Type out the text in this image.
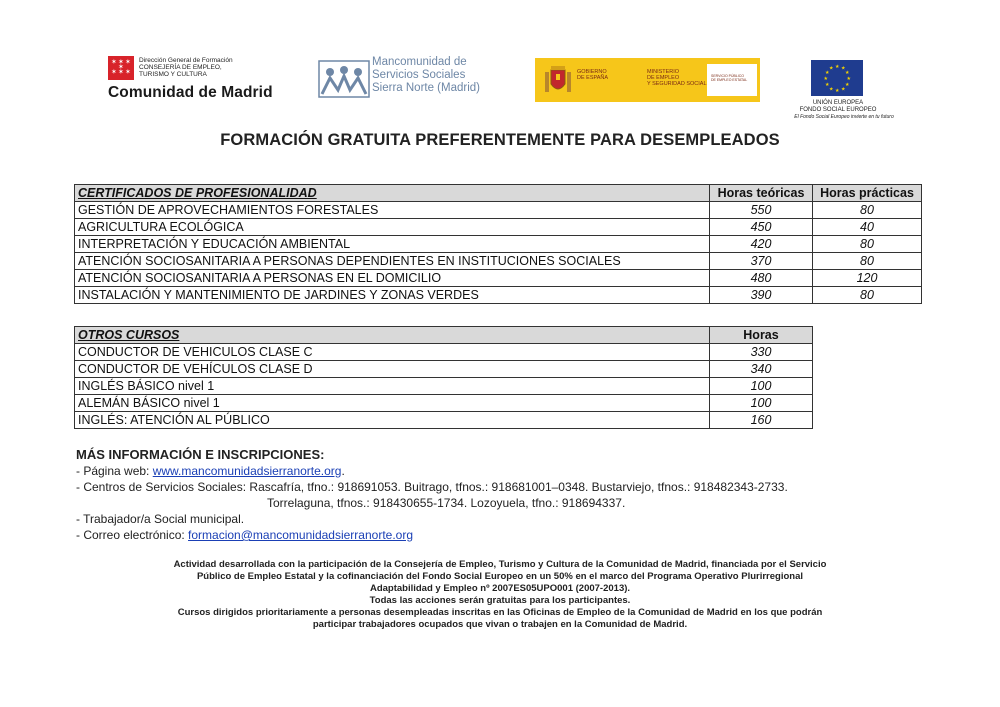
✶ ✶ ✶
✶ ✶ ✶
✶
Dirección General de Formación
CONSEJERÍA DE EMPLEO,
TURISMO Y CULTURA
Comunidad de Madrid
Mancomunidad de
Servicios Sociales
Sierra Norte (Madrid)
GOBIERNO
DE ESPAÑA
MINISTERIO
DE EMPLEO
Y SEGURIDAD SOCIAL
SERVICIO PÚBLICO
DE EMPLEO ESTATAL
★ ★
★
★
★
★
★
★
★
★
★
★
UNIÓN EUROPEA
FONDO SOCIAL EUROPEO
El Fondo Social Europeo invierte en tu futuro
FORMACIÓN GRATUITA PREFERENTEMENTE PARA DESEMPLEADOS
CERTIFICADOS DE PROFESIONALIDAD	Horas teóricas	Horas prácticas
GESTIÓN DE APROVECHAMIENTOS FORESTALES	550	80
AGRICULTURA ECOLÓGICA	450	40
INTERPRETACIÓN Y EDUCACIÓN AMBIENTAL	420	80
ATENCIÓN SOCIOSANITARIA A PERSONAS DEPENDIENTES EN INSTITUCIONES SOCIALES	370	80
ATENCIÓN SOCIOSANITARIA A PERSONAS EN EL DOMICILIO	480	120
INSTALACIÓN Y MANTENIMIENTO DE JARDINES Y ZONAS VERDES	390	80
OTROS CURSOS	Horas
CONDUCTOR DE VEHICULOS CLASE C	330
CONDUCTOR DE VEHÍCULOS CLASE D	340
INGLÉS BÁSICO nivel 1	100
ALEMÁN BÁSICO nivel 1	100
INGLÉS: ATENCIÓN AL PÚBLICO	160
MÁS INFORMACIÓN E INSCRIPCIONES:
- Página web: www.mancomunidadsierranorte.org.
- Centros de Servicios Sociales: Rascafría, tfno.: 918691053. Buitrago, tfnos.: 918681001–0348. Bustarviejo, tfnos.: 918482343-2733.
Torrelaguna, tfnos.: 918430655-1734. Lozoyuela, tfno.: 918694337.
- Trabajador/a Social municipal.
- Correo electrónico: formacion@mancomunidadsierranorte.org
Actividad desarrollada con la participación de la Consejería de Empleo, Turismo y Cultura de la Comunidad de Madrid, financiada por el Servicio
Público de Empleo Estatal y la cofinanciación del Fondo Social Europeo en un 50% en el marco del Programa Operativo Plurirregional
Adaptabilidad y Empleo nº 2007ES05UPO001 (2007-2013).
Todas las acciones serán gratuitas para los participantes.
Cursos dirigidos prioritariamente a personas desempleadas inscritas en las Oficinas de Empleo de la Comunidad de Madrid en los que podrán
participar trabajadores ocupados que vivan o trabajen en la Comunidad de Madrid.
